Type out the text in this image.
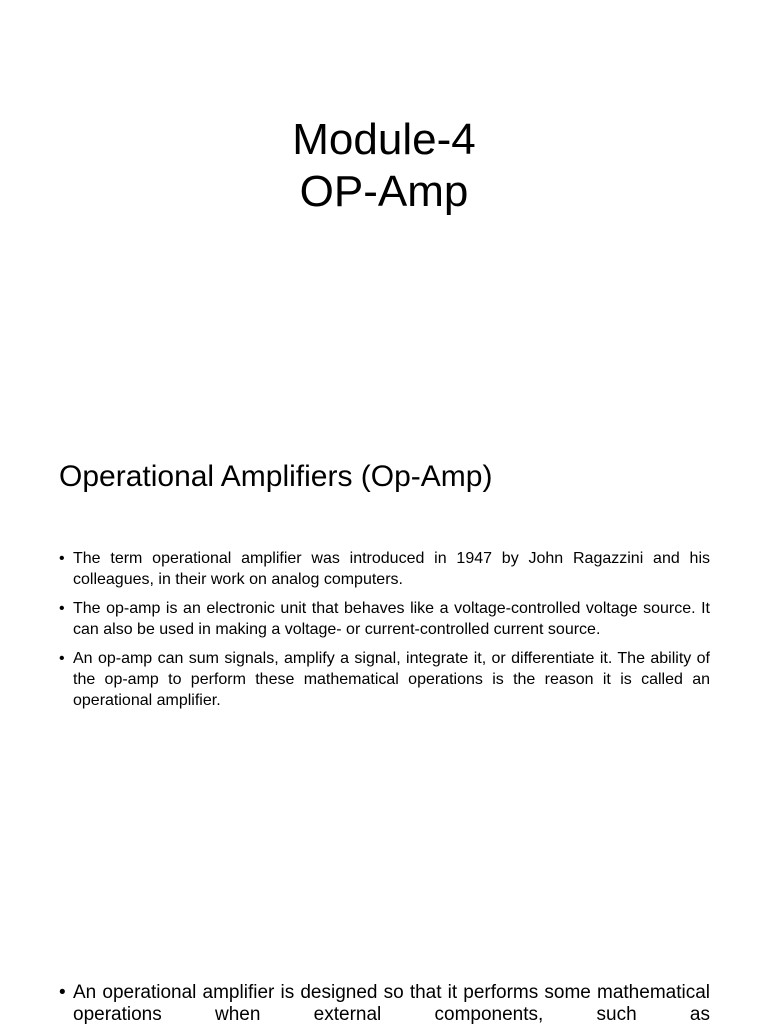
Module-4
OP-Amp
Operational Amplifiers (Op-Amp)
• The term operational amplifier was introduced in 1947 by John Ragazzini and his colleagues, in their work on analog computers.
• The op-amp is an electronic unit that behaves like a voltage-controlled voltage source. It can also be used in making a voltage- or current-controlled current source.
• An op-amp can sum signals, amplify a signal, integrate it, or differentiate it. The ability of the op-amp to perform these mathematical operations is the reason it is called an operational amplifier.
• An operational amplifier is designed so that it performs some mathematical operations when external components, such as
